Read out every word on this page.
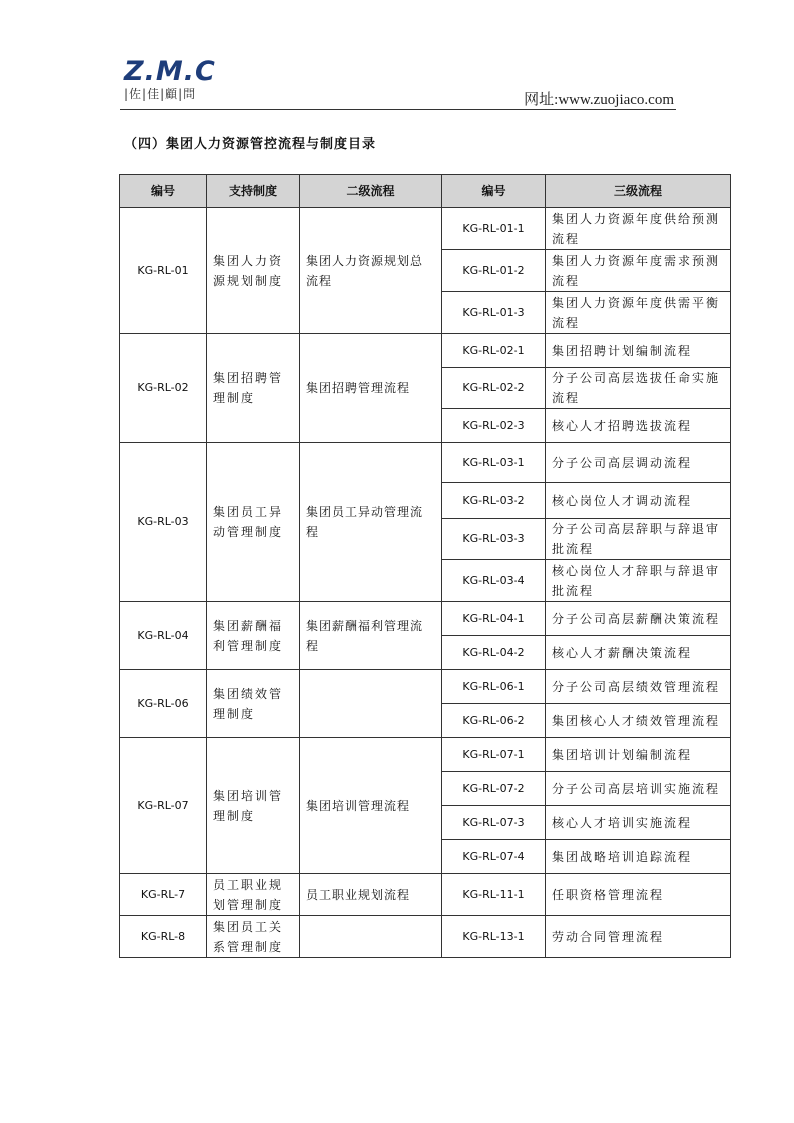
Z.M.C
|佐|佳|顧|問	网址:www.zuojiaco.com
（四）集团人力资源管控流程与制度目录
编号	支持制度	二级流程	编号	三级流程
KG-RL-01	集团人力资源规划制度	集团人力资源规划总流程	KG-RL-01-1	集团人力资源年度供给预测流程
			KG-RL-01-2	集团人力资源年度需求预测流程
			KG-RL-01-3	集团人力资源年度供需平衡流程
KG-RL-02	集团招聘管理制度	集团招聘管理流程	KG-RL-02-1	集团招聘计划编制流程
			KG-RL-02-2	分子公司高层选拔任命实施流程
			KG-RL-02-3	核心人才招聘选拔流程
KG-RL-03	集团员工异动管理制度	集团员工异动管理流程	KG-RL-03-1	分子公司高层调动流程
			KG-RL-03-2	核心岗位人才调动流程
			KG-RL-03-3	分子公司高层辞职与辞退审批流程
			KG-RL-03-4	核心岗位人才辞职与辞退审批流程
KG-RL-04	集团薪酬福利管理制度	集团薪酬福利管理流程	KG-RL-04-1	分子公司高层薪酬决策流程
			KG-RL-04-2	核心人才薪酬决策流程
KG-RL-06	集团绩效管理制度		KG-RL-06-1	分子公司高层绩效管理流程
			KG-RL-06-2	集团核心人才绩效管理流程
KG-RL-07	集团培训管理制度	集团培训管理流程	KG-RL-07-1	集团培训计划编制流程
			KG-RL-07-2	分子公司高层培训实施流程
			KG-RL-07-3	核心人才培训实施流程
			KG-RL-07-4	集团战略培训追踪流程
KG-RL-7	员工职业规划管理制度	员工职业规划流程	KG-RL-11-1	任职资格管理流程
KG-RL-8	集团员工关系管理制度		KG-RL-13-1	劳动合同管理流程
